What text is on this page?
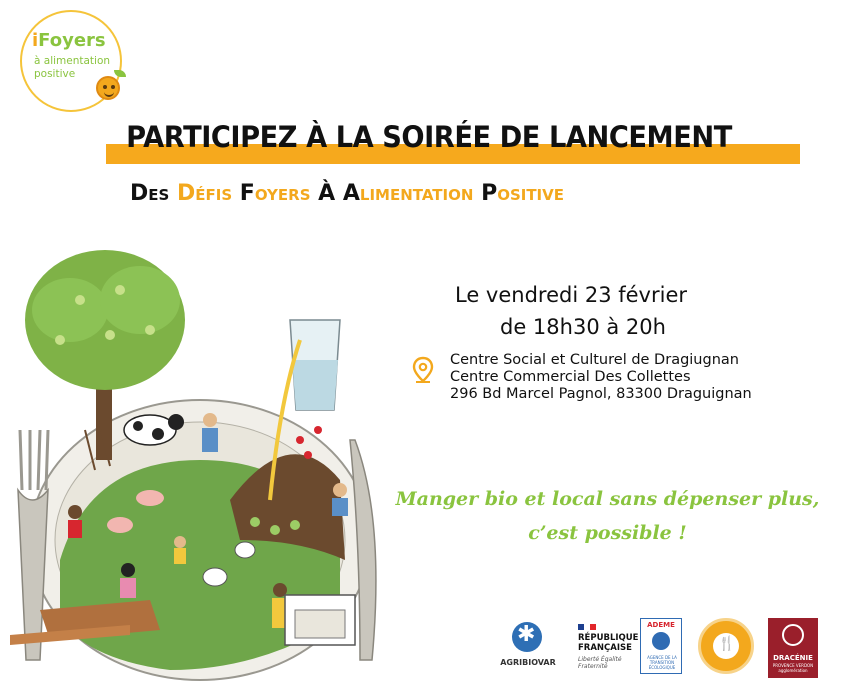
iFoyers
à alimentation
positive
PARTICIPEZ À LA SOIRÉE DE LANCEMENT
Des Défis Foyers À Alimentation Positive
Le vendredi 23 février
de 18h30 à 20h
Centre Social et Culturel de Dragiugnan
Centre Commercial Des Collettes
296 Bd Marcel Pagnol, 83300 Draguignan
Manger bio et local sans dépenser plus,
c’est possible !
✱
AGRIBIOVAR
RÉPUBLIQUE
FRANÇAISE
Liberté Égalité Fraternité
ADEME
AGENCE DE LA TRANSITION ÉCOLOGIQUE
🍴
DRACÉNIE
PROVENCE VERDON agglomération
